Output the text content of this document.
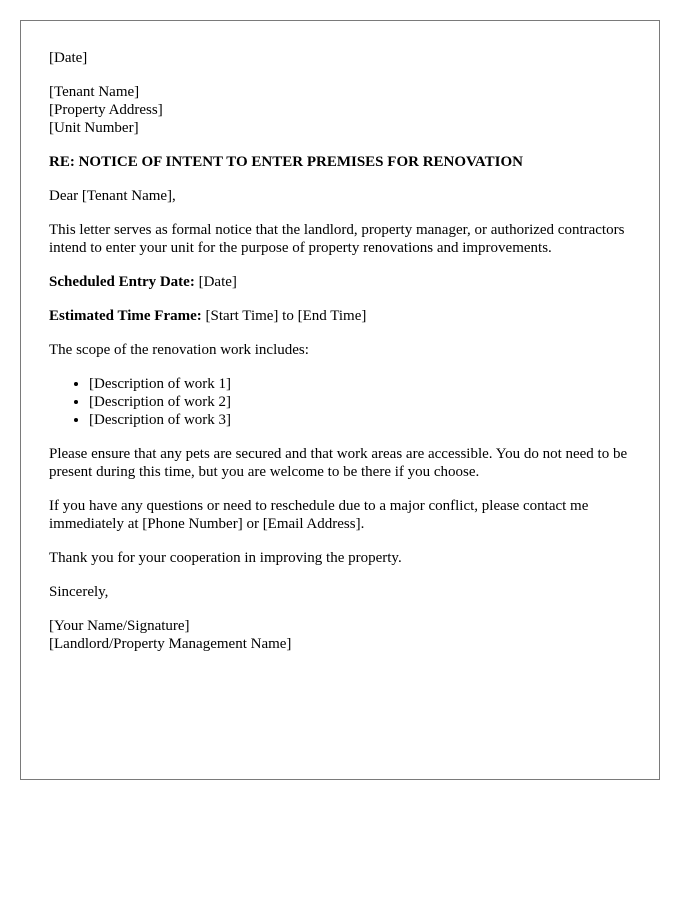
[Date]

[Tenant Name]
[Property Address]
[Unit Number]

RE: NOTICE OF INTENT TO ENTER PREMISES FOR RENOVATION

Dear [Tenant Name],

This letter serves as formal notice that the landlord, property manager, or authorized contractors intend to enter your unit for the purpose of property renovations and improvements.

Scheduled Entry Date: [Date]

Estimated Time Frame: [Start Time] to [End Time]

The scope of the renovation work includes:

• [Description of work 1]
• [Description of work 2]
• [Description of work 3]

Please ensure that any pets are secured and that work areas are accessible. You do not need to be present during this time, but you are welcome to be there if you choose.

If you have any questions or need to reschedule due to a major conflict, please contact me immediately at [Phone Number] or [Email Address].

Thank you for your cooperation in improving the property.

Sincerely,

[Your Name/Signature]
[Landlord/Property Management Name]
